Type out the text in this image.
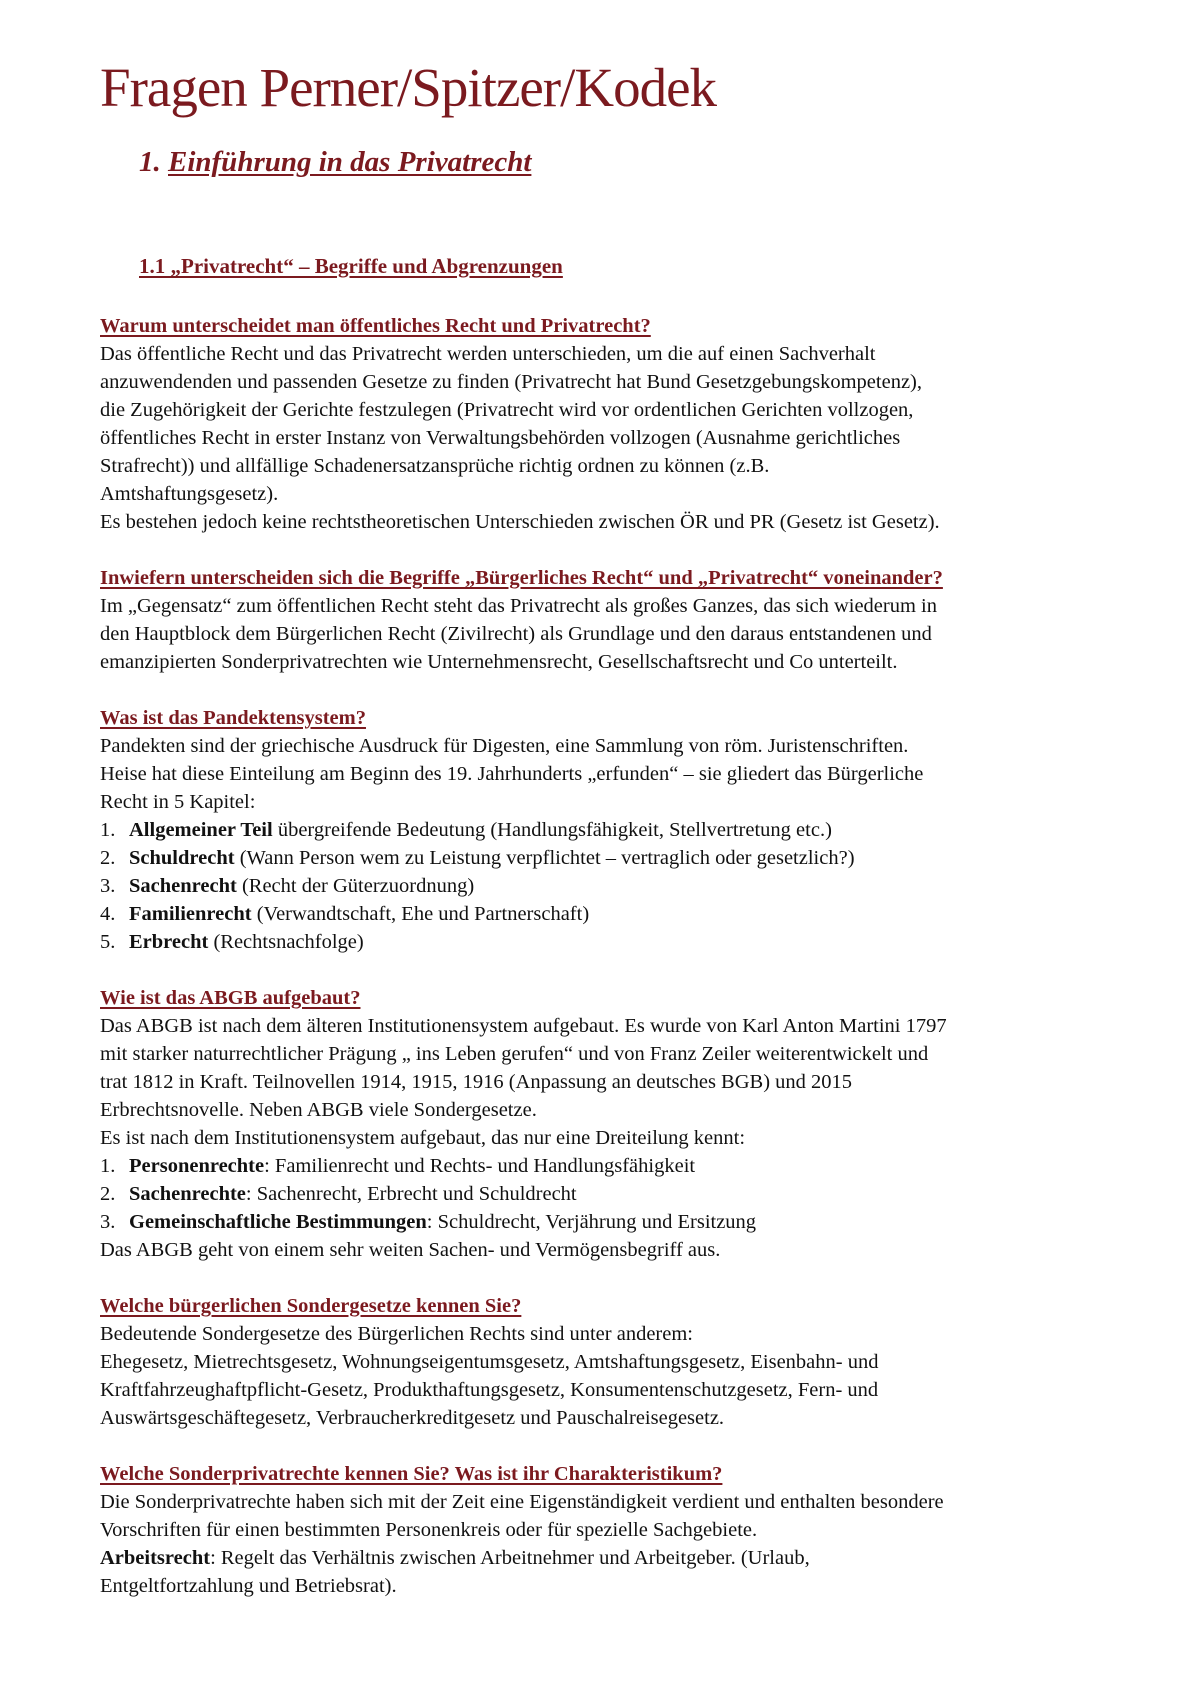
Fragen Perner/Spitzer/Kodek
1. Einführung in das Privatrecht
1.1 „Privatrecht“ – Begriffe und Abgrenzungen

Warum unterscheidet man öffentliches Recht und Privatrecht?

Das öffentliche Recht und das Privatrecht werden unterschieden, um die auf einen Sachverhalt

anzuwendenden und passenden Gesetze zu finden (Privatrecht hat Bund Gesetzgebungskompetenz),

die Zugehörigkeit der Gerichte festzulegen (Privatrecht wird vor ordentlichen Gerichten vollzogen,

öffentliches Recht in erster Instanz von Verwaltungsbehörden vollzogen (Ausnahme gerichtliches

Strafrecht)) und allfällige Schadenersatzansprüche richtig ordnen zu können (z.B.

Amtshaftungsgesetz).

Es bestehen jedoch keine rechtstheoretischen Unterschieden zwischen ÖR und PR (Gesetz ist Gesetz).

Inwiefern unterscheiden sich die Begriffe „Bürgerliches Recht“ und „Privatrecht“ voneinander?

Im „Gegensatz“ zum öffentlichen Recht steht das Privatrecht als großes Ganzes, das sich wiederum in

den Hauptblock dem Bürgerlichen Recht (Zivilrecht) als Grundlage und den daraus entstandenen und

emanzipierten Sonderprivatrechten wie Unternehmensrecht, Gesellschaftsrecht und Co unterteilt.

Was ist das Pandektensystem?

Pandekten sind der griechische Ausdruck für Digesten, eine Sammlung von röm. Juristenschriften.

Heise hat diese Einteilung am Beginn des 19. Jahrhunderts „erfunden“ – sie gliedert das Bürgerliche

Recht in 5 Kapitel:

1. Allgemeiner Teil übergreifende Bedeutung (Handlungsfähigkeit, Stellvertretung etc.)
2. Schuldrecht (Wann Person wem zu Leistung verpflichtet – vertraglich oder gesetzlich?)
3. Sachenrecht (Recht der Güterzuordnung)
4. Familienrecht (Verwandtschaft, Ehe und Partnerschaft)
5. Erbrecht (Rechtsnachfolge)

Wie ist das ABGB aufgebaut?

Das ABGB ist nach dem älteren Institutionensystem aufgebaut. Es wurde von Karl Anton Martini 1797

mit starker naturrechtlicher Prägung „ ins Leben gerufen“ und von Franz Zeiler weiterentwickelt und

trat 1812 in Kraft. Teilnovellen 1914, 1915, 1916 (Anpassung an deutsches BGB) und 2015

Erbrechtsnovelle. Neben ABGB viele Sondergesetze.

Es ist nach dem Institutionensystem aufgebaut, das nur eine Dreiteilung kennt:

1. Personenrechte: Familienrecht und Rechts- und Handlungsfähigkeit
2. Sachenrechte: Sachenrecht, Erbrecht und Schuldrecht
3. Gemeinschaftliche Bestimmungen: Schuldrecht, Verjährung und Ersitzung

Das ABGB geht von einem sehr weiten Sachen- und Vermögensbegriff aus.

Welche bürgerlichen Sondergesetze kennen Sie?

Bedeutende Sondergesetze des Bürgerlichen Rechts sind unter anderem:

Ehegesetz, Mietrechtsgesetz, Wohnungseigentumsgesetz, Amtshaftungsgesetz, Eisenbahn- und

Kraftfahrzeughaftpflicht-Gesetz, Produkthaftungsgesetz, Konsumentenschutzgesetz, Fern- und

Auswärtsgeschäftegesetz, Verbraucherkreditgesetz und Pauschalreisegesetz.

Welche Sonderprivatrechte kennen Sie? Was ist ihr Charakteristikum?

Die Sonderprivatrechte haben sich mit der Zeit eine Eigenständigkeit verdient und enthalten besondere

Vorschriften für einen bestimmten Personenkreis oder für spezielle Sachgebiete.

Arbeitsrecht: Regelt das Verhältnis zwischen Arbeitnehmer und Arbeitgeber. (Urlaub,

Entgeltfortzahlung und Betriebsrat).
